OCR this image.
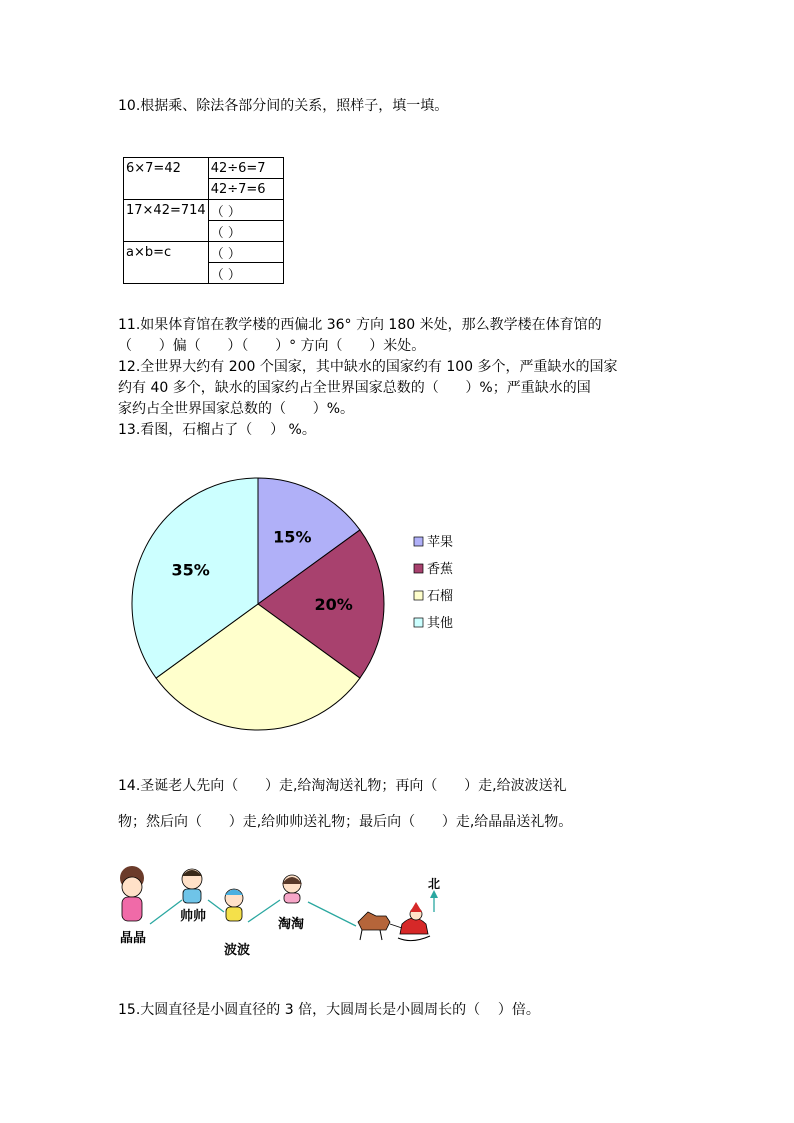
10.根据乘、除法各部分间的关系，照样子，填一填。
6×7=42	42÷6=7
	42÷7=6
17×42=714	（ ）
	（ ）
a×b=c	（ ）
	（ ）
11.如果体育馆在教学楼的西偏北 36° 方向 180 米处，那么教学楼在体育馆的
（      ）偏（      ）（      ）° 方向（      ）米处。
12.全世界大约有 200 个国家，其中缺水的国家约有 100 多个，严重缺水的国家
约有 40 多个，缺水的国家约占全世界国家总数的（      ）%；严重缺水的国
家约占全世界国家总数的（      ）%。
13.看图，石榴占了（    ） %。
15%
20%
35%
苹果
香蕉
石榴
其他
14.圣诞老人先向（      ）走,给淘淘送礼物；再向（      ）走,给波波送礼
物；然后向（      ）走,给帅帅送礼物；最后向（      ）走,给晶晶送礼物。
晶晶
帅帅
波波
淘淘
北
15.大圆直径是小圆直径的 3 倍，大圆周长是小圆周长的（    ）倍。
